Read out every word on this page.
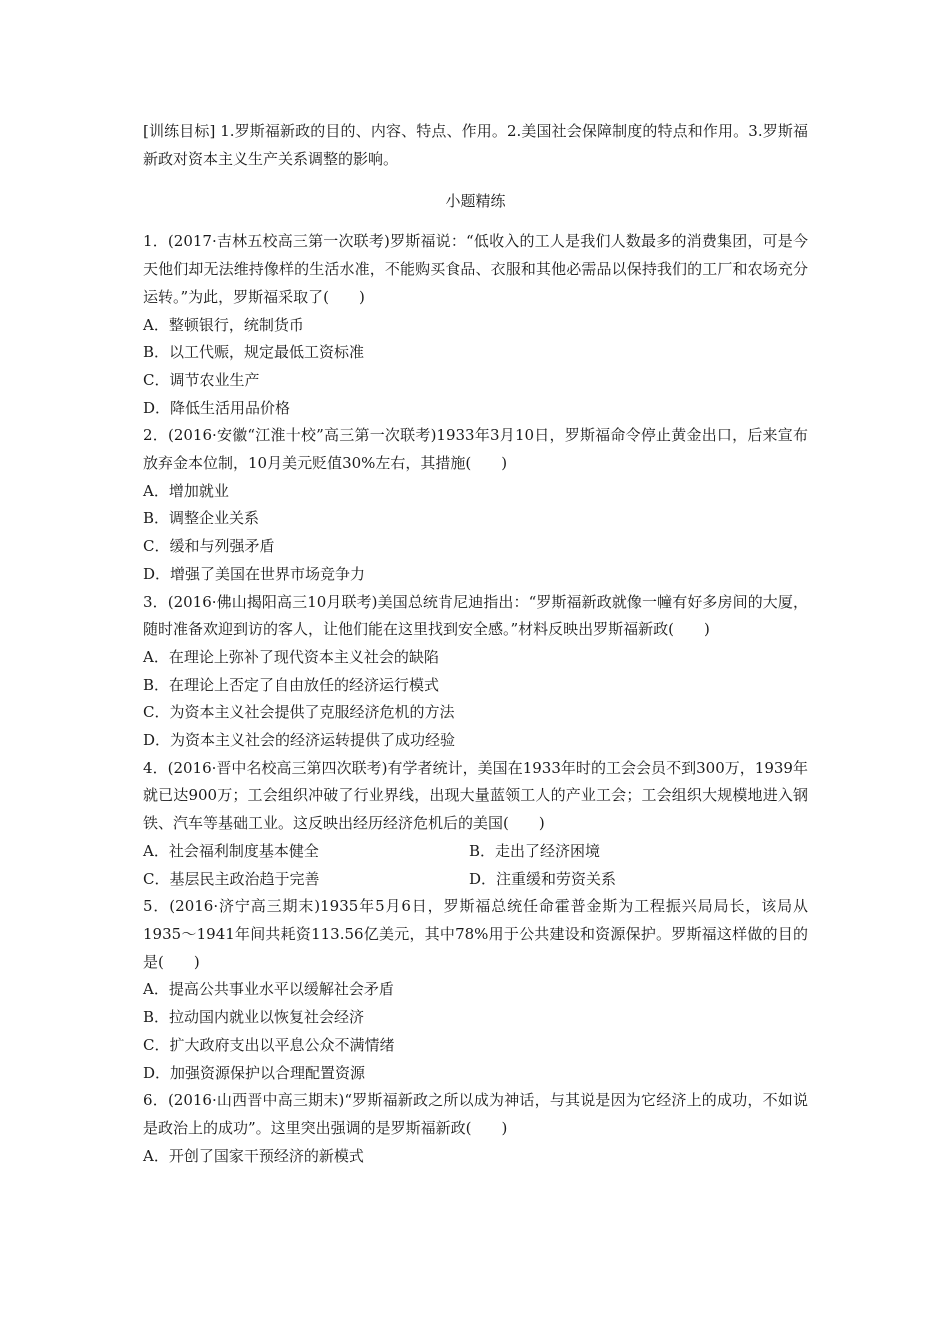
[训练目标] 1.罗斯福新政的目的、内容、特点、作用。2.美国社会保障制度的特点和作用。3.罗斯福新政对资本主义生产关系调整的影响。

小题精练

1．(2017·吉林五校高三第一次联考)罗斯福说：“低收入的工人是我们人数最多的消费集团，可是今天他们却无法维持像样的生活水准，不能购买食品、衣服和其他必需品以保持我们的工厂和农场充分运转。”为此，罗斯福采取了(　　)

A．整顿银行，统制货币
B．以工代赈，规定最低工资标准
C．调节农业生产
D．降低生活用品价格

2．(2016·安徽“江淮十校”高三第一次联考)1933年3月10日，罗斯福命令停止黄金出口，后来宣布放弃金本位制，10月美元贬值30%左右，其措施(　　)

A．增加就业
B．调整企业关系
C．缓和与列强矛盾
D．增强了美国在世界市场竞争力

3．(2016·佛山揭阳高三10月联考)美国总统肯尼迪指出：“罗斯福新政就像一幢有好多房间的大厦，随时准备欢迎到访的客人，让他们能在这里找到安全感。”材料反映出罗斯福新政(　　)

A．在理论上弥补了现代资本主义社会的缺陷
B．在理论上否定了自由放任的经济运行模式
C．为资本主义社会提供了克服经济危机的方法
D．为资本主义社会的经济运转提供了成功经验

4．(2016·晋中名校高三第四次联考)有学者统计，美国在1933年时的工会会员不到300万，1939年就已达900万；工会组织冲破了行业界线，出现大量蓝领工人的产业工会；工会组织大规模地进入钢铁、汽车等基础工业。这反映出经历经济危机后的美国(　　)

A．社会福利制度基本健全	B．走出了经济困境
C．基层民主政治趋于完善	D．注重缓和劳资关系

5．(2016·济宁高三期末)1935年5月6日，罗斯福总统任命霍普金斯为工程振兴局局长，该局从1935～1941年间共耗资113.56亿美元，其中78%用于公共建设和资源保护。罗斯福这样做的目的是(　　)

A．提高公共事业水平以缓解社会矛盾
B．拉动国内就业以恢复社会经济
C．扩大政府支出以平息公众不满情绪
D．加强资源保护以合理配置资源

6．(2016·山西晋中高三期末)“罗斯福新政之所以成为神话，与其说是因为它经济上的成功，不如说是政治上的成功”。这里突出强调的是罗斯福新政(　　)

A．开创了国家干预经济的新模式
